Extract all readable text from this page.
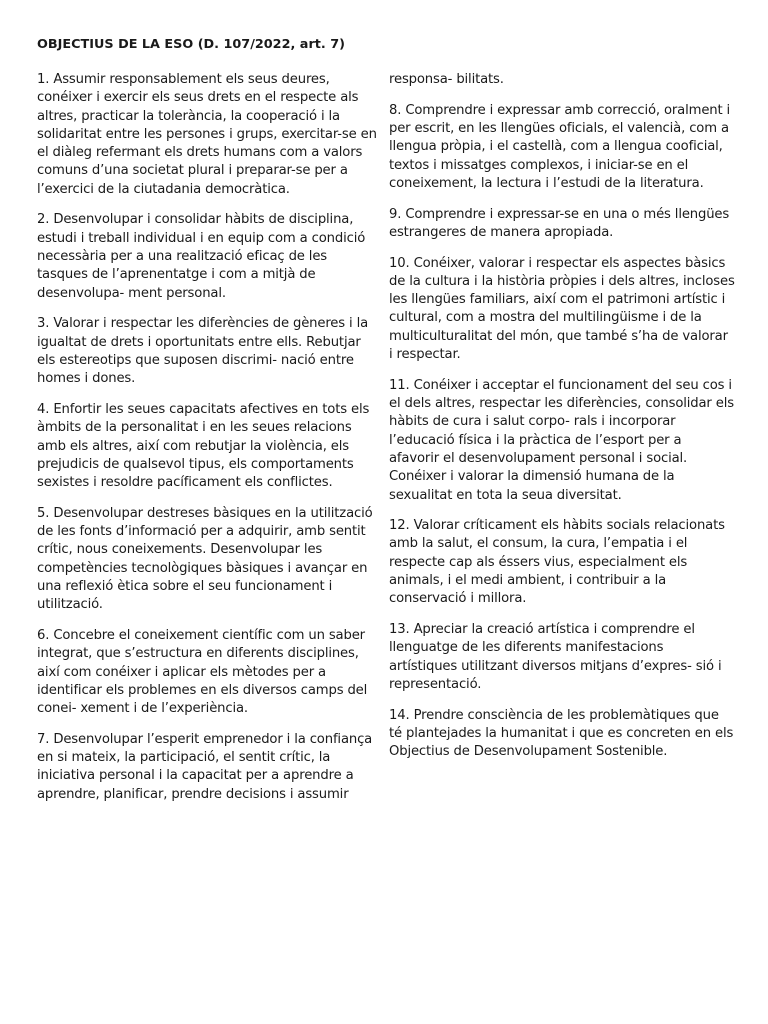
OBJECTIUS DE LA ESO (D. 107/2022, art. 7)

1. Assumir responsablement els seus deures, conéixer i exercir els seus drets en el respecte als altres, practicar la tolerància, la cooperació i la solidaritat entre les persones i grups, exercitar-se en el diàleg refermant els drets humans com a valors comuns d’una societat plural i preparar-se per a l’exercici de la ciutadania democràtica.

2. Desenvolupar i consolidar hàbits de disciplina, estudi i treball individual i en equip com a condició necessària per a una realització eficaç de les tasques de l’aprenentatge i com a mitjà de desenvolupa- ment personal.

3. Valorar i respectar les diferències de gèneres i la igualtat de drets i oportunitats entre ells. Rebutjar els estereotips que suposen discrimi- nació entre homes i dones.

4. Enfortir les seues capacitats afectives en tots els àmbits de la personalitat i en les seues relacions amb els altres, així com rebutjar la violència, els prejudicis de qualsevol tipus, els comportaments sexistes i resoldre pacíficament els conflictes.

5. Desenvolupar destreses bàsiques en la utilització de les fonts d’informació per a adquirir, amb sentit crític, nous coneixements. Desenvolupar les competències tecnològiques bàsiques i avançar en una reflexió ètica sobre el seu funcionament i utilització.

6. Concebre el coneixement científic com un saber integrat, que s’estructura en diferents disciplines, així com conéixer i aplicar els mètodes per a identificar els problemes en els diversos camps del conei- xement i de l’experiència.

7. Desenvolupar l’esperit emprenedor i la confiança en si mateix, la participació, el sentit crític, la iniciativa personal i la capacitat per a aprendre a aprendre, planificar, prendre decisions i assumir

responsa- bilitats.

8. Comprendre i expressar amb correcció, oralment i per escrit, en les llengües oficials, el valencià, com a llengua pròpia, i el castellà, com a llengua cooficial, textos i missatges complexos, i iniciar-se en el coneixement, la lectura i l’estudi de la literatura.

9. Comprendre i expressar-se en una o més llengües estrangeres de manera apropiada.

10. Conéixer, valorar i respectar els aspectes bàsics de la cultura i la història pròpies i dels altres, incloses les llengües familiars, així com el patrimoni artístic i cultural, com a mostra del multilingüisme i de la multiculturalitat del món, que també s’ha de valorar i respectar.

11. Conéixer i acceptar el funcionament del seu cos i el dels altres, respectar les diferències, consolidar els hàbits de cura i salut corpo- rals i incorporar l’educació física i la pràctica de l’esport per a afavorir el desenvolupament personal i social. Conéixer i valorar la dimensió humana de la sexualitat en tota la seua diversitat.

12. Valorar críticament els hàbits socials relacionats amb la salut, el consum, la cura, l’empatia i el respecte cap als éssers vius, especialment els animals, i el medi ambient, i contribuir a la conservació i millora.

13. Apreciar la creació artística i comprendre el llenguatge de les diferents manifestacions artístiques utilitzant diversos mitjans d’expres- sió i representació.

14. Prendre consciència de les problemàtiques que té plantejades la humanitat i que es concreten en els Objectius de Desenvolupament Sostenible.
